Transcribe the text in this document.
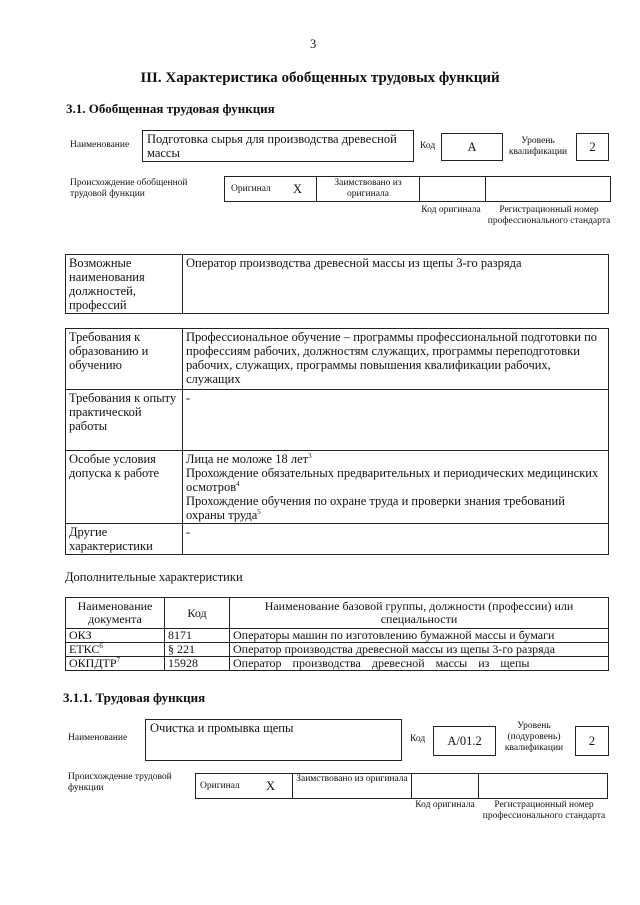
3
III. Характеристика обобщенных трудовых функций
3.1. Обобщенная трудовая функция
Наименование	Подготовка сырья для производства древесной массы	Код	A	Уровень квалификации	2
Происхождение обобщенной трудовой функции	Оригинал X	Заимствовано из оригинала
Код оригинала	Регистрационный номер профессионального стандарта
Возможные наименования должностей, профессий	Оператор производства древесной массы из щепы 3-го разряда
Требования к образованию и обучению	Профессиональное обучение – программы профессиональной подготовки по профессиям рабочих, должностям служащих, программы переподготовки рабочих, служащих, программы повышения квалификации рабочих, служащих
Требования к опыту практической работы	-
Особые условия допуска к работе	Лица не моложе 18 лет$^3$
Прохождение обязательных предварительных и периодических медицинских осмотров$^4$
Прохождение обучения по охране труда и проверки знания требований охраны труда$^5$

Другие характеристики	-
Дополнительные характеристики
Наименование документа	Код	Наименование базовой группы, должности (профессии) или специальности
ОКЗ	8171	Операторы машин по изготовлению бумажной массы и бумаги
ЕТКС$^6$	§ 221	Оператор производства древесной массы из щепы 3-го разряда
ОКПДТР$^7$	15928	Оператор производства древесной массы из щепы
3.1.1. Трудовая функция
Наименование
Очистка и промывка щепы
Код	A/01.2
Уровень (подуровень) квалификации	2
Происхождение трудовой функции	Оригинал X	Заимствовано из оригинала
Код оригинала	Регистрационный номер профессионального стандарта
